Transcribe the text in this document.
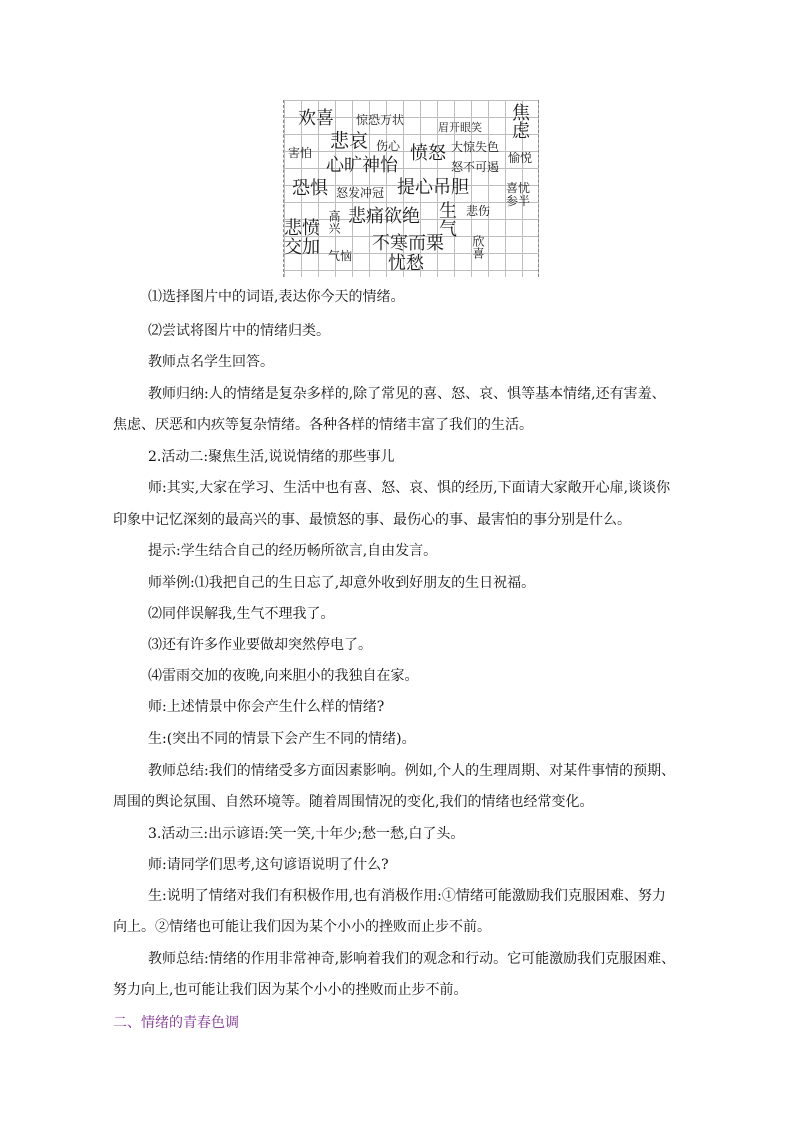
欢喜 惊恐万状
眉开眼笑 焦虑
悲哀 伤心	大惊失色
害怕	愤怒
心旷神怡	怒不可遏
愉悦
恐惧 怒发冲冠 提心吊胆	喜忧参半
高兴 悲痛欲绝 生气 悲伤
悲愤交加	不寒而栗 欣喜
气恼 忧愁
⑴选择图片中的词语,表达你今天的情绪。
⑵尝试将图片中的情绪归类。
教师点名学生回答。
教师归纳:人的情绪是复杂多样的,除了常见的喜、怒、哀、惧等基本情绪,还有害羞、
焦虑、厌恶和内疚等复杂情绪。各种各样的情绪丰富了我们的生活。
2.活动二:聚焦生活,说说情绪的那些事儿
师:其实,大家在学习、生活中也有喜、怒、哀、惧的经历,下面请大家敞开心扉,谈谈你
印象中记忆深刻的最高兴的事、最愤怒的事、最伤心的事、最害怕的事分别是什么。
提示:学生结合自己的经历畅所欲言,自由发言。
师举例:⑴我把自己的生日忘了,却意外收到好朋友的生日祝福。
⑵同伴误解我,生气不理我了。
⑶还有许多作业要做却突然停电了。
⑷雷雨交加的夜晚,向来胆小的我独自在家。
师:上述情景中你会产生什么样的情绪?
生:(突出不同的情景下会产生不同的情绪)。
教师总结:我们的情绪受多方面因素影响。例如,个人的生理周期、对某件事情的预期、
周围的舆论氛围、自然环境等。随着周围情况的变化,我们的情绪也经常变化。
3.活动三:出示谚语:笑一笑,十年少;愁一愁,白了头。
师:请同学们思考,这句谚语说明了什么?
生:说明了情绪对我们有积极作用,也有消极作用:①情绪可能激励我们克服困难、努力
向上。②情绪也可能让我们因为某个小小的挫败而止步不前。
教师总结:情绪的作用非常神奇,影响着我们的观念和行动。它可能激励我们克服困难、
努力向上,也可能让我们因为某个小小的挫败而止步不前。
二、情绪的青春色调
